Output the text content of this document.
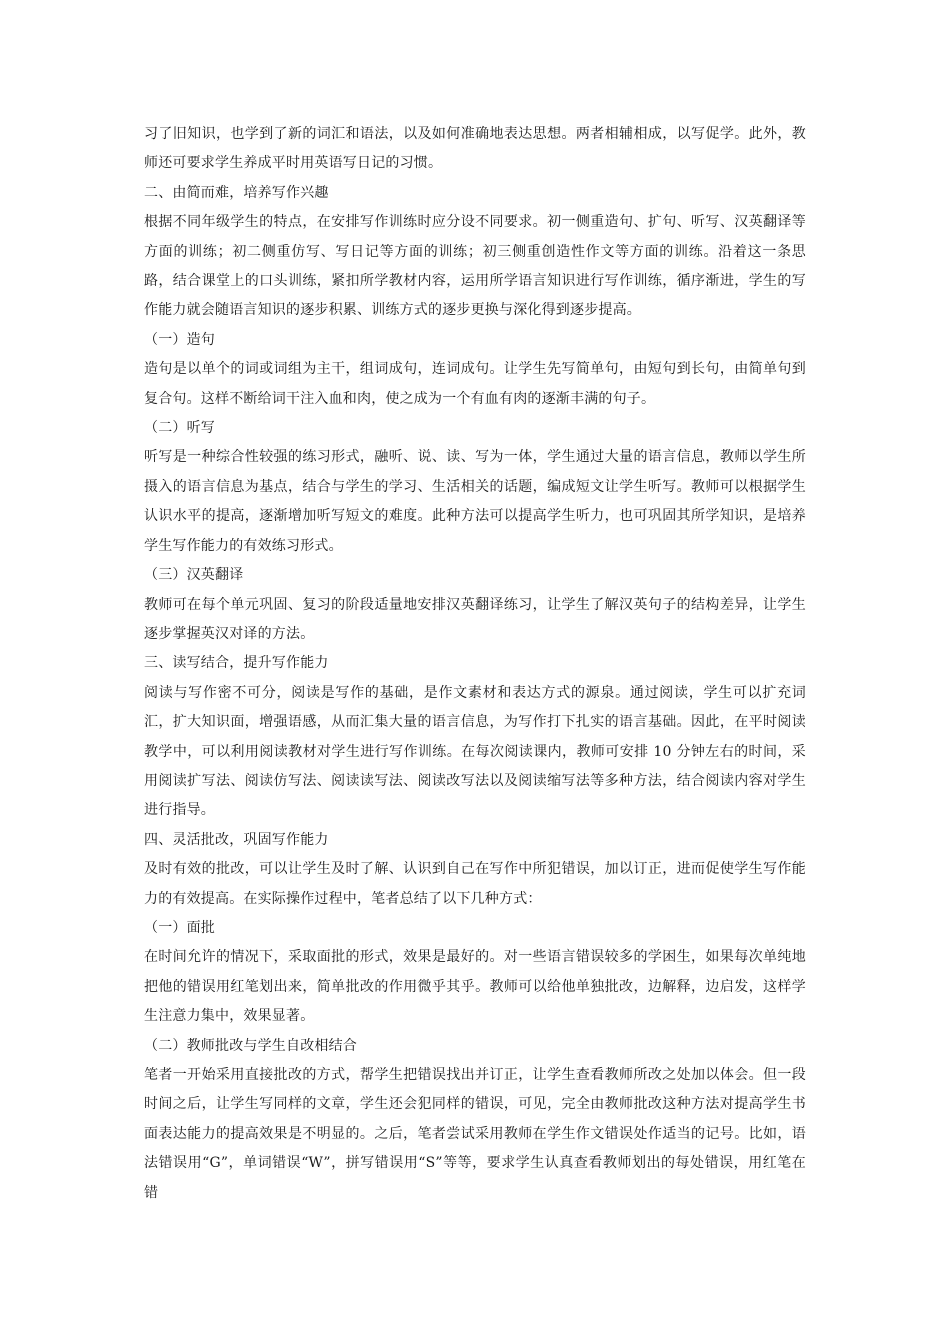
习了旧知识，也学到了新的词汇和语法，以及如何准确地表达思想。两者相辅相成，以写促学。此外，教师还可要求学生养成平时用英语写日记的习惯。

二、由简而难，培养写作兴趣

根据不同年级学生的特点，在安排写作训练时应分设不同要求。初一侧重造句、扩句、听写、汉英翻译等方面的训练；初二侧重仿写、写日记等方面的训练；初三侧重创造性作文等方面的训练。沿着这一条思路，结合课堂上的口头训练，紧扣所学教材内容，运用所学语言知识进行写作训练，循序渐进，学生的写作能力就会随语言知识的逐步积累、训练方式的逐步更换与深化得到逐步提高。

（一）造句

造句是以单个的词或词组为主干，组词成句，连词成句。让学生先写简单句，由短句到长句，由简单句到复合句。这样不断给词干注入血和肉，使之成为一个有血有肉的逐渐丰满的句子。

（二）听写

听写是一种综合性较强的练习形式，融听、说、读、写为一体，学生通过大量的语言信息，教师以学生所摄入的语言信息为基点，结合与学生的学习、生活相关的话题，编成短文让学生听写。教师可以根据学生认识水平的提高，逐渐增加听写短文的难度。此种方法可以提高学生听力，也可巩固其所学知识，是培养学生写作能力的有效练习形式。

（三）汉英翻译

教师可在每个单元巩固、复习的阶段适量地安排汉英翻译练习，让学生了解汉英句子的结构差异，让学生逐步掌握英汉对译的方法。

三、读写结合，提升写作能力

阅读与写作密不可分，阅读是写作的基础，是作文素材和表达方式的源泉。通过阅读，学生可以扩充词汇，扩大知识面，增强语感，从而汇集大量的语言信息，为写作打下扎实的语言基础。因此，在平时阅读教学中，可以利用阅读教材对学生进行写作训练。在每次阅读课内，教师可安排 10 分钟左右的时间，采用阅读扩写法、阅读仿写法、阅读读写法、阅读改写法以及阅读缩写法等多种方法，结合阅读内容对学生进行指导。

四、灵活批改，巩固写作能力

及时有效的批改，可以让学生及时了解、认识到自己在写作中所犯错误，加以订正，进而促使学生写作能力的有效提高。在实际操作过程中，笔者总结了以下几种方式：

（一）面批

在时间允许的情况下，采取面批的形式，效果是最好的。对一些语言错误较多的学困生，如果每次单纯地把他的错误用红笔划出来，简单批改的作用微乎其乎。教师可以给他单独批改，边解释，边启发，这样学生注意力集中，效果显著。

（二）教师批改与学生自改相结合

笔者一开始采用直接批改的方式，帮学生把错误找出并订正，让学生查看教师所改之处加以体会。但一段时间之后，让学生写同样的文章，学生还会犯同样的错误，可见，完全由教师批改这种方法对提高学生书面表达能力的提高效果是不明显的。之后，笔者尝试采用教师在学生作文错误处作适当的记号。比如，语法错误用“G”，单词错误“W”，拼写错误用“S”等等，要求学生认真查看教师划出的每处错误，用红笔在错
